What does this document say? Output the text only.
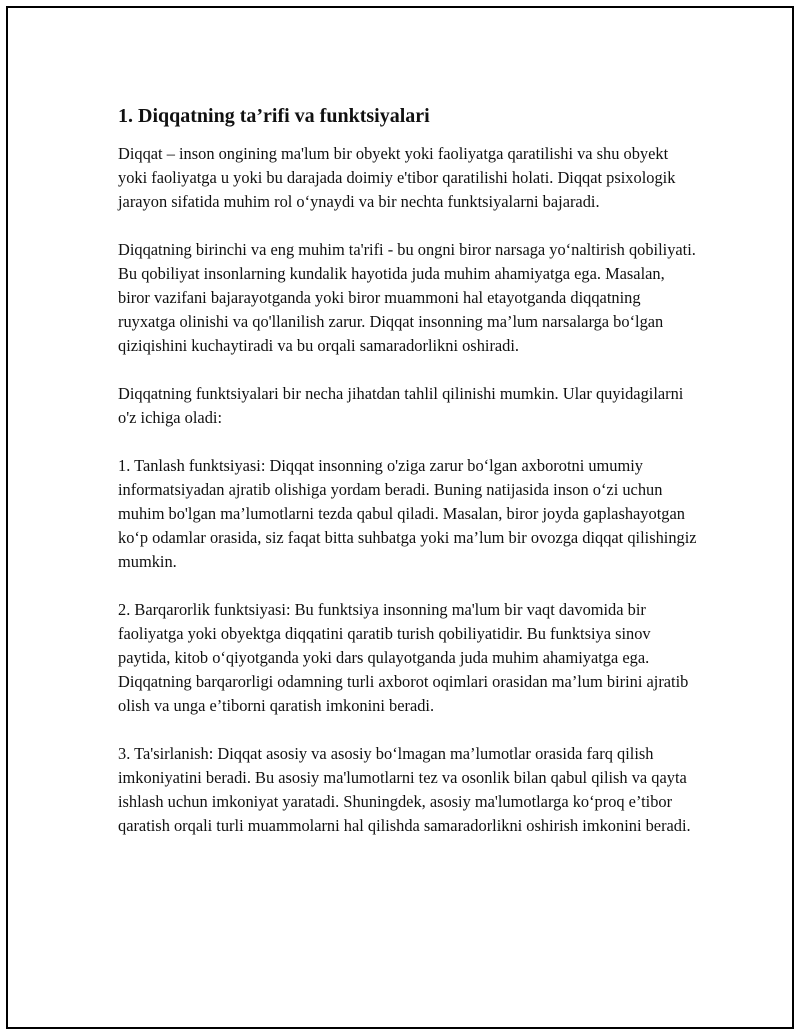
1. Diqqatning ta’rifi va funktsiyalari

Diqqat – inson ongining ma'lum bir obyekt yoki faoliyatga qaratilishi va shu obyekt yoki faoliyatga u yoki bu darajada doimiy e'tibor qaratilishi holati. Diqqat psixologik jarayon sifatida muhim rol oʻynaydi va bir nechta funktsiyalarni bajaradi.

Diqqatning birinchi va eng muhim ta'rifi - bu ongni biror narsaga yoʻnaltirish qobiliyati. Bu qobiliyat insonlarning kundalik hayotida juda muhim ahamiyatga ega. Masalan, biror vazifani bajarayotganda yoki biror muammoni hal etayotganda diqqatning ruyxatga olinishi va qo'llanilish zarur. Diqqat insonning ma’lum narsalarga boʻlgan qiziqishini kuchaytiradi va bu orqali samaradorlikni oshiradi.

Diqqatning funktsiyalari bir necha jihatdan tahlil qilinishi mumkin. Ular quyidagilarni o'z ichiga oladi:

1. Tanlash funktsiyasi: Diqqat insonning o'ziga zarur boʻlgan axborotni umumiy informatsiyadan ajratib olishiga yordam beradi. Buning natijasida inson oʻzi uchun muhim bo'lgan ma’lumotlarni tezda qabul qiladi. Masalan, biror joyda gaplashayotgan koʻp odamlar orasida, siz faqat bitta suhbatga yoki ma’lum bir ovozga diqqat qilishingiz mumkin.

2. Barqarorlik funktsiyasi: Bu funktsiya insonning ma'lum bir vaqt davomida bir faoliyatga yoki obyektga diqqatini qaratib turish qobiliyatidir. Bu funktsiya sinov paytida, kitob oʻqiyotganda yoki dars qulayotganda juda muhim ahamiyatga ega. Diqqatning barqarorligi odamning turli axborot oqimlari orasidan ma’lum birini ajratib olish va unga e’tiborni qaratish imkonini beradi.

3. Ta'sirlanish: Diqqat asosiy va asosiy boʻlmagan ma’lumotlar orasida farq qilish imkoniyatini beradi. Bu asosiy ma'lumotlarni tez va osonlik bilan qabul qilish va qayta ishlash uchun imkoniyat yaratadi. Shuningdek, asosiy ma'lumotlarga koʻproq e’tibor qaratish orqali turli muammolarni hal qilishda samaradorlikni oshirish imkonini beradi.
